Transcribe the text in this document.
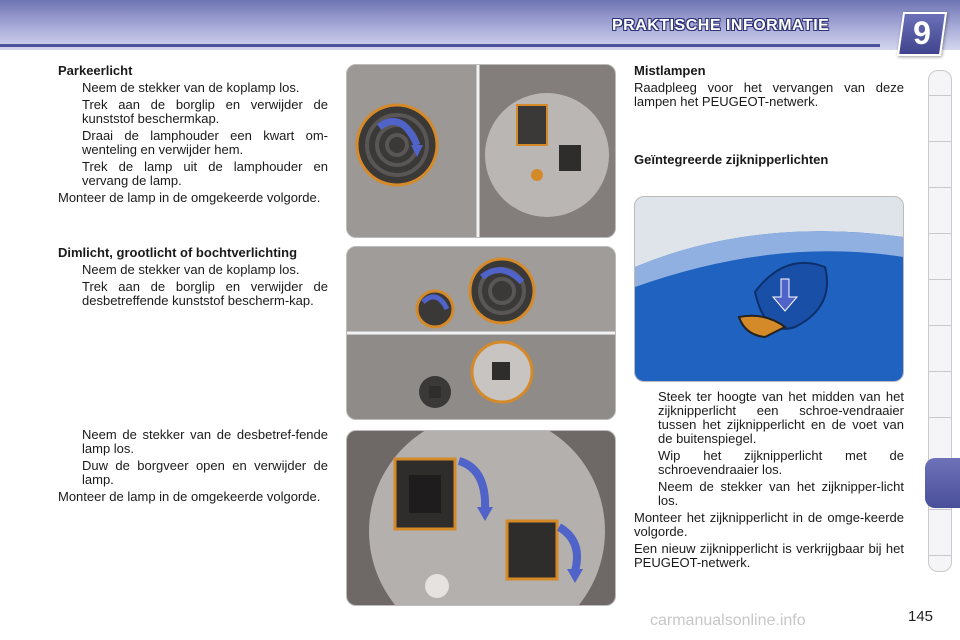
PRAKTISCHE INFORMATIE	9
Parkeerlicht
Neem de stekker van de koplamp los.
Trek aan de borglip en verwijder de kunststof beschermkap.
Draai de lamphouder een kwart om-wenteling en verwijder hem.
Trek de lamp uit de lamphouder en vervang de lamp.
Monteer de lamp in de omgekeerde volgorde.
Dimlicht, grootlicht of bochtverlichting
Neem de stekker van de koplamp los.
Trek aan de borglip en verwijder de desbetreffende kunststof bescherm-kap.
Neem de stekker van de desbetref-fende lamp los.
Duw de borgveer open en verwijder de lamp.
Monteer de lamp in de omgekeerde volgorde.
Mistlampen
Raadpleeg voor het vervangen van deze lampen het PEUGEOT-netwerk.
Geïntegreerde zijknipperlichten
Steek ter hoogte van het midden van het zijknipperlicht een schroe-vendraaier tussen het zijknipperlicht en de voet van de buitenspiegel.
Wip het zijknipperlicht met de schroevendraaier los.
Neem de stekker van het zijknipper-licht los.
Monteer het zijknipperlicht in de omge-keerde volgorde.
Een nieuw zijknipperlicht is verkrijgbaar bij het PEUGEOT-netwerk.
carmanualsonline.info	145
